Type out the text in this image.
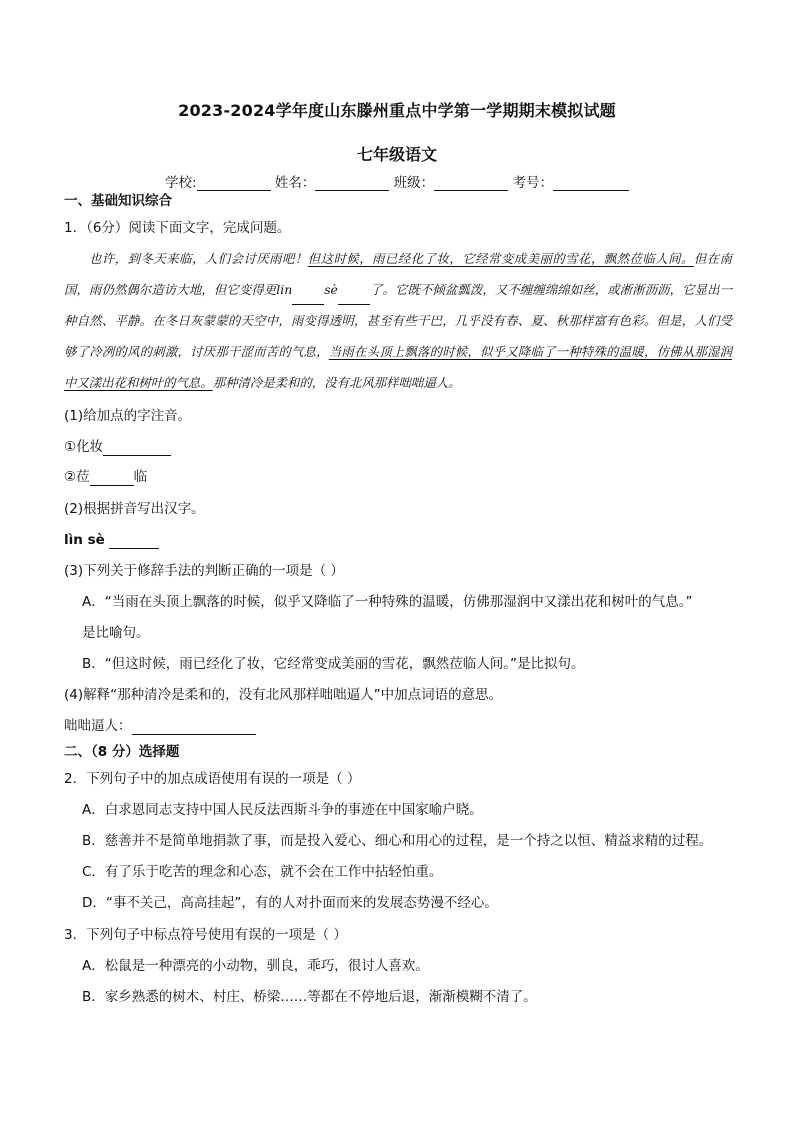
2023-2024学年度山东滕州重点中学第一学期期末模拟试题
七年级语文
学校:	姓名：	班级：	考号：
一、基础知识综合
1．（6分）阅读下面文字，完成问题。
也许，到冬天来临，人们会讨厌雨吧！但这时候，雨已经化了妆，它经常变成美丽的雪花，飘然莅临人间。但在南国，雨仍然偶尔造访大地，但它变得更lin	sè	了。它既不倾盆瓢泼，又不缠缠绵绵如丝，或淅淅沥沥，它显出一种自然、平静。在冬日灰蒙蒙的天空中，雨变得透明，甚至有些干巴，几乎没有春、夏、秋那样富有色彩。但是，人们受够了冷冽的风的刺激，讨厌那干涩而苦的气息，当雨在头顶上飘落的时候，似乎又降临了一种特殊的温暖，仿佛从那湿润中又漾出花和树叶的气息。那种清冷是柔和的，没有北风那样咄咄逼人。
(1)给加点的字注音。
①化妆
②莅	临
(2)根据拼音写出汉字。
lìn sè
(3)下列关于修辞手法的判断正确的一项是（ ）
A．“当雨在头顶上飘落的时候，似乎又降临了一种特殊的温暖，仿佛那湿润中又漾出花和树叶的气息。”
是比喻句。
B．“但这时候，雨已经化了妆，它经常变成美丽的雪花，飘然莅临人间。”是比拟句。
(4)解释“那种清冷是柔和的，没有北风那样咄咄逼人”中加点词语的意思。
咄咄逼人：
二、（8 分）选择题
2．下列句子中的加点成语使用有误的一项是（ ）
A．白求恩同志支持中国人民反法西斯斗争的事迹在中国家喻户晓。
B．慈善并不是简单地捐款了事，而是投入爱心、细心和用心的过程，是一个持之以恒、精益求精的过程。
C．有了乐于吃苦的理念和心态，就不会在工作中拈轻怕重。
D．“事不关己，高高挂起”，有的人对扑面而来的发展态势漫不经心。
3．下列句子中标点符号使用有误的一项是（ ）
A．松鼠是一种漂亮的小动物，驯良，乖巧，很讨人喜欢。
B．家乡熟悉的树木、村庄、桥梁……等都在不停地后退，渐渐模糊不清了。
